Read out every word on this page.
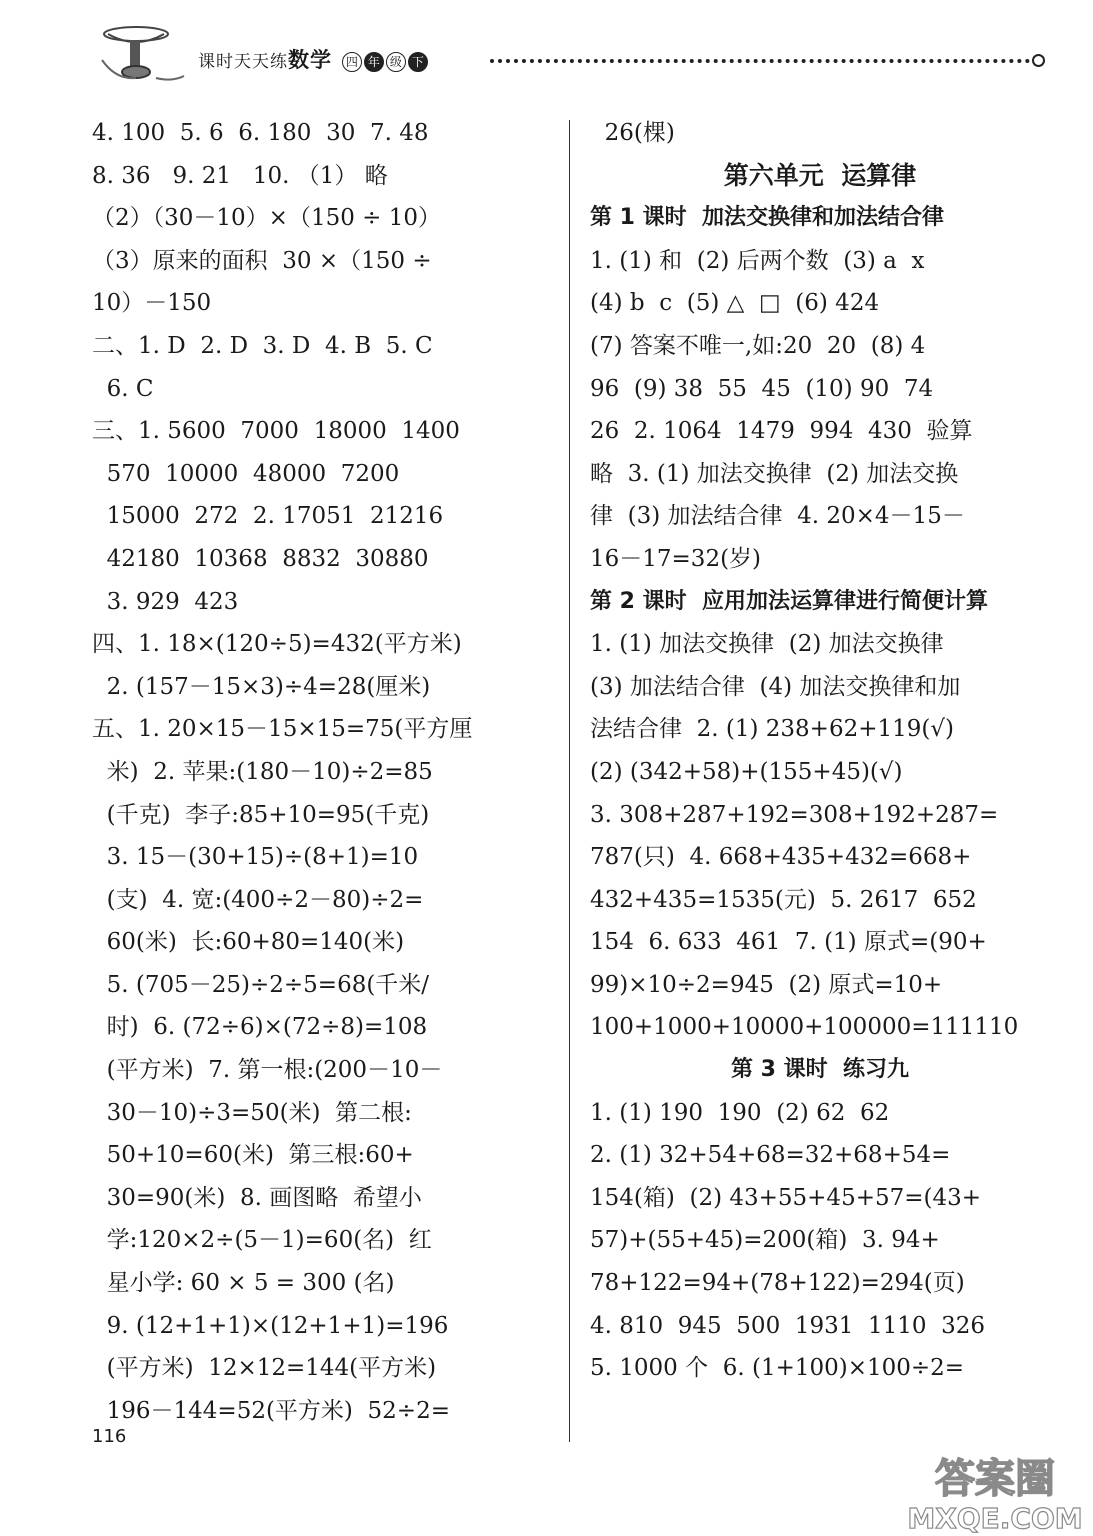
课时天天练数学 四 年 级 下
4. 100  5. 6  6. 180  30  7. 48
8. 36   9. 21   10. （1） 略
（2）（30－10）×（150 ÷ 10）
（3）原来的面积  30 ×（150 ÷
10）－150
二、1. D  2. D  3. D  4. B  5. C
6. C
三、1. 5600  7000  18000  1400
570  10000  48000  7200
15000  272  2. 17051  21216
42180  10368  8832  30880
3. 929  423
四、1. 18×(120÷5)=432(平方米)
2. (157－15×3)÷4=28(厘米)
五、1. 20×15－15×15=75(平方厘
米)  2. 苹果:(180－10)÷2=85
(千克)  李子:85+10=95(千克)
3. 15－(30+15)÷(8+1)=10
(支)  4. 宽:(400÷2－80)÷2=
60(米)  长:60+80=140(米)
5. (705－25)÷2÷5=68(千米/
时)  6. (72÷6)×(72÷8)=108
(平方米)  7. 第一根:(200－10－
30－10)÷3=50(米)  第二根:
50+10=60(米)  第三根:60+
30=90(米)  8. 画图略  希望小
学:120×2÷(5－1)=60(名)  红
星小学: 60 × 5 = 300 (名)
9. (12+1+1)×(12+1+1)=196
(平方米)  12×12=144(平方米)
196－144=52(平方米)  52÷2=
26(棵)
第六单元  运算律
第 1 课时  加法交换律和加法结合律
1. (1) 和  (2) 后两个数  (3) a  x
(4) b  c  (5) △  □  (6) 424
(7) 答案不唯一,如:20  20  (8) 4
96  (9) 38  55  45  (10) 90  74
26  2. 1064  1479  994  430  验算
略  3. (1) 加法交换律  (2) 加法交换
律  (3) 加法结合律  4. 20×4－15－
16－17=32(岁)
第 2 课时  应用加法运算律进行简便计算
1. (1) 加法交换律  (2) 加法交换律
(3) 加法结合律  (4) 加法交换律和加
法结合律  2. (1) 238+62+119(√)
(2) (342+58)+(155+45)(√)
3. 308+287+192=308+192+287=
787(只)  4. 668+435+432=668+
432+435=1535(元)  5. 2617  652
154  6. 633  461  7. (1) 原式=(90+
99)×10÷2=945  (2) 原式=10+
100+1000+10000+100000=111110
第 3 课时  练习九
1. (1) 190  190  (2) 62  62
2. (1) 32+54+68=32+68+54=
154(箱)  (2) 43+55+45+57=(43+
57)+(55+45)=200(箱)  3. 94+
78+122=94+(78+122)=294(页)
4. 810  945  500  1931  1110  326
5. 1000 个  6. (1+100)×100÷2=
116
答案圈
MXQE.COM
